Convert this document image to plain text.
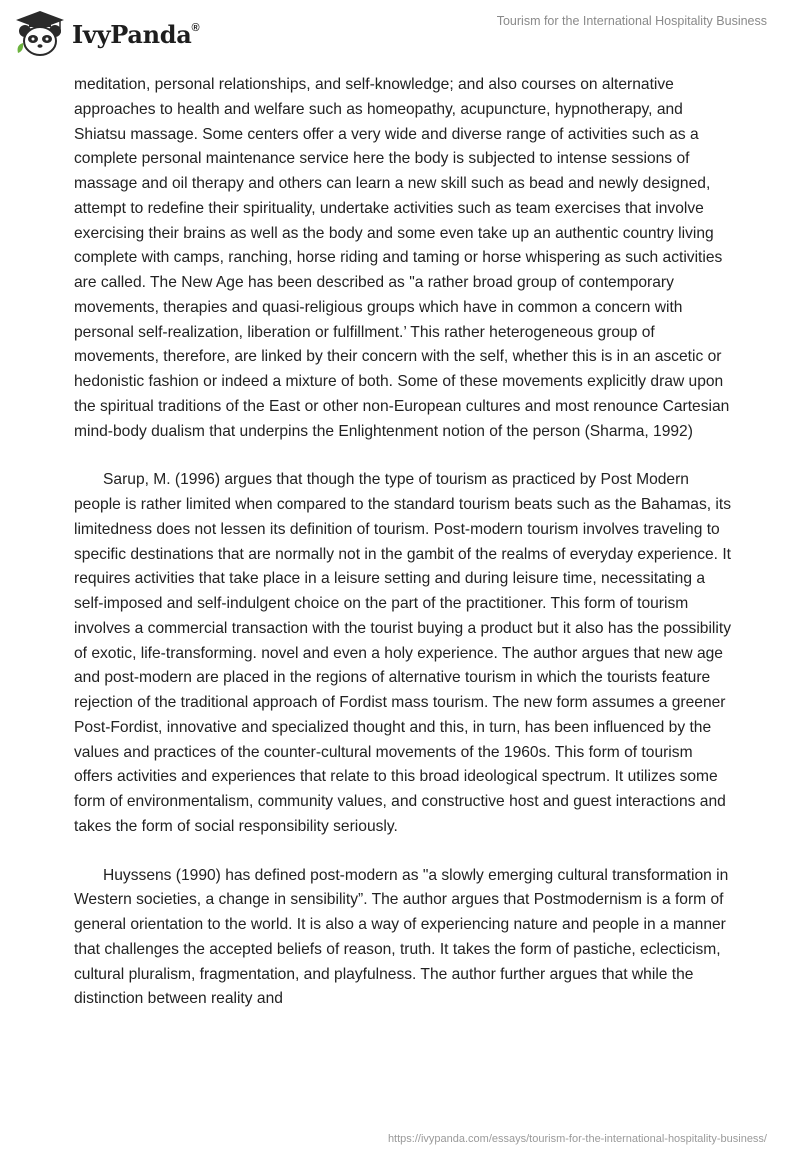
IvyPanda®	Tourism for the International Hospitality Business

meditation, personal relationships, and self-knowledge; and also courses on alternative approaches to health and welfare such as homeopathy, acupuncture, hypnotherapy, and Shiatsu massage. Some centers offer a very wide and diverse range of activities such as a complete personal maintenance service here the body is subjected to intense sessions of massage and oil therapy and others can learn a new skill such as bead and newly designed, attempt to redefine their spirituality, undertake activities such as team exercises that involve exercising their brains as well as the body and some even take up an authentic country living complete with camps, ranching, horse riding and taming or horse whispering as such activities are called. The New Age has been described as "a rather broad group of contemporary movements, therapies and quasi-religious groups which have in common a concern with personal self-realization, liberation or fulfillment.’ This rather heterogeneous group of movements, therefore, are linked by their concern with the self, whether this is in an ascetic or hedonistic fashion or indeed a mixture of both. Some of these movements explicitly draw upon the spiritual traditions of the East or other non-European cultures and most renounce Cartesian mind-body dualism that underpins the Enlightenment notion of the person (Sharma, 1992)

Sarup, M. (1996) argues that though the type of tourism as practiced by Post Modern people is rather limited when compared to the standard tourism beats such as the Bahamas, its limitedness does not lessen its definition of tourism. Post-modern tourism involves traveling to specific destinations that are normally not in the gambit of the realms of everyday experience. It requires activities that take place in a leisure setting and during leisure time, necessitating a self-imposed and self-indulgent choice on the part of the practitioner. This form of tourism involves a commercial transaction with the tourist buying a product but it also has the possibility of exotic, life-transforming. novel and even a holy experience. The author argues that new age and post-modern are placed in the regions of alternative tourism in which the tourists feature rejection of the traditional approach of Fordist mass tourism. The new form assumes a greener Post-Fordist, innovative and specialized thought and this, in turn, has been influenced by the values and practices of the counter-cultural movements of the 1960s. This form of tourism offers activities and experiences that relate to this broad ideological spectrum. It utilizes some form of environmentalism, community values, and constructive host and guest interactions and takes the form of social responsibility seriously.

Huyssens (1990) has defined post-modern as "a slowly emerging cultural transformation in Western societies, a change in sensibility”. The author argues that Postmodernism is a form of general orientation to the world. It is also a way of experiencing nature and people in a manner that challenges the accepted beliefs of reason, truth. It takes the form of pastiche, eclecticism, cultural pluralism, fragmentation, and playfulness. The author further argues that while the distinction between reality and

https://ivypanda.com/essays/tourism-for-the-international-hospitality-business/
